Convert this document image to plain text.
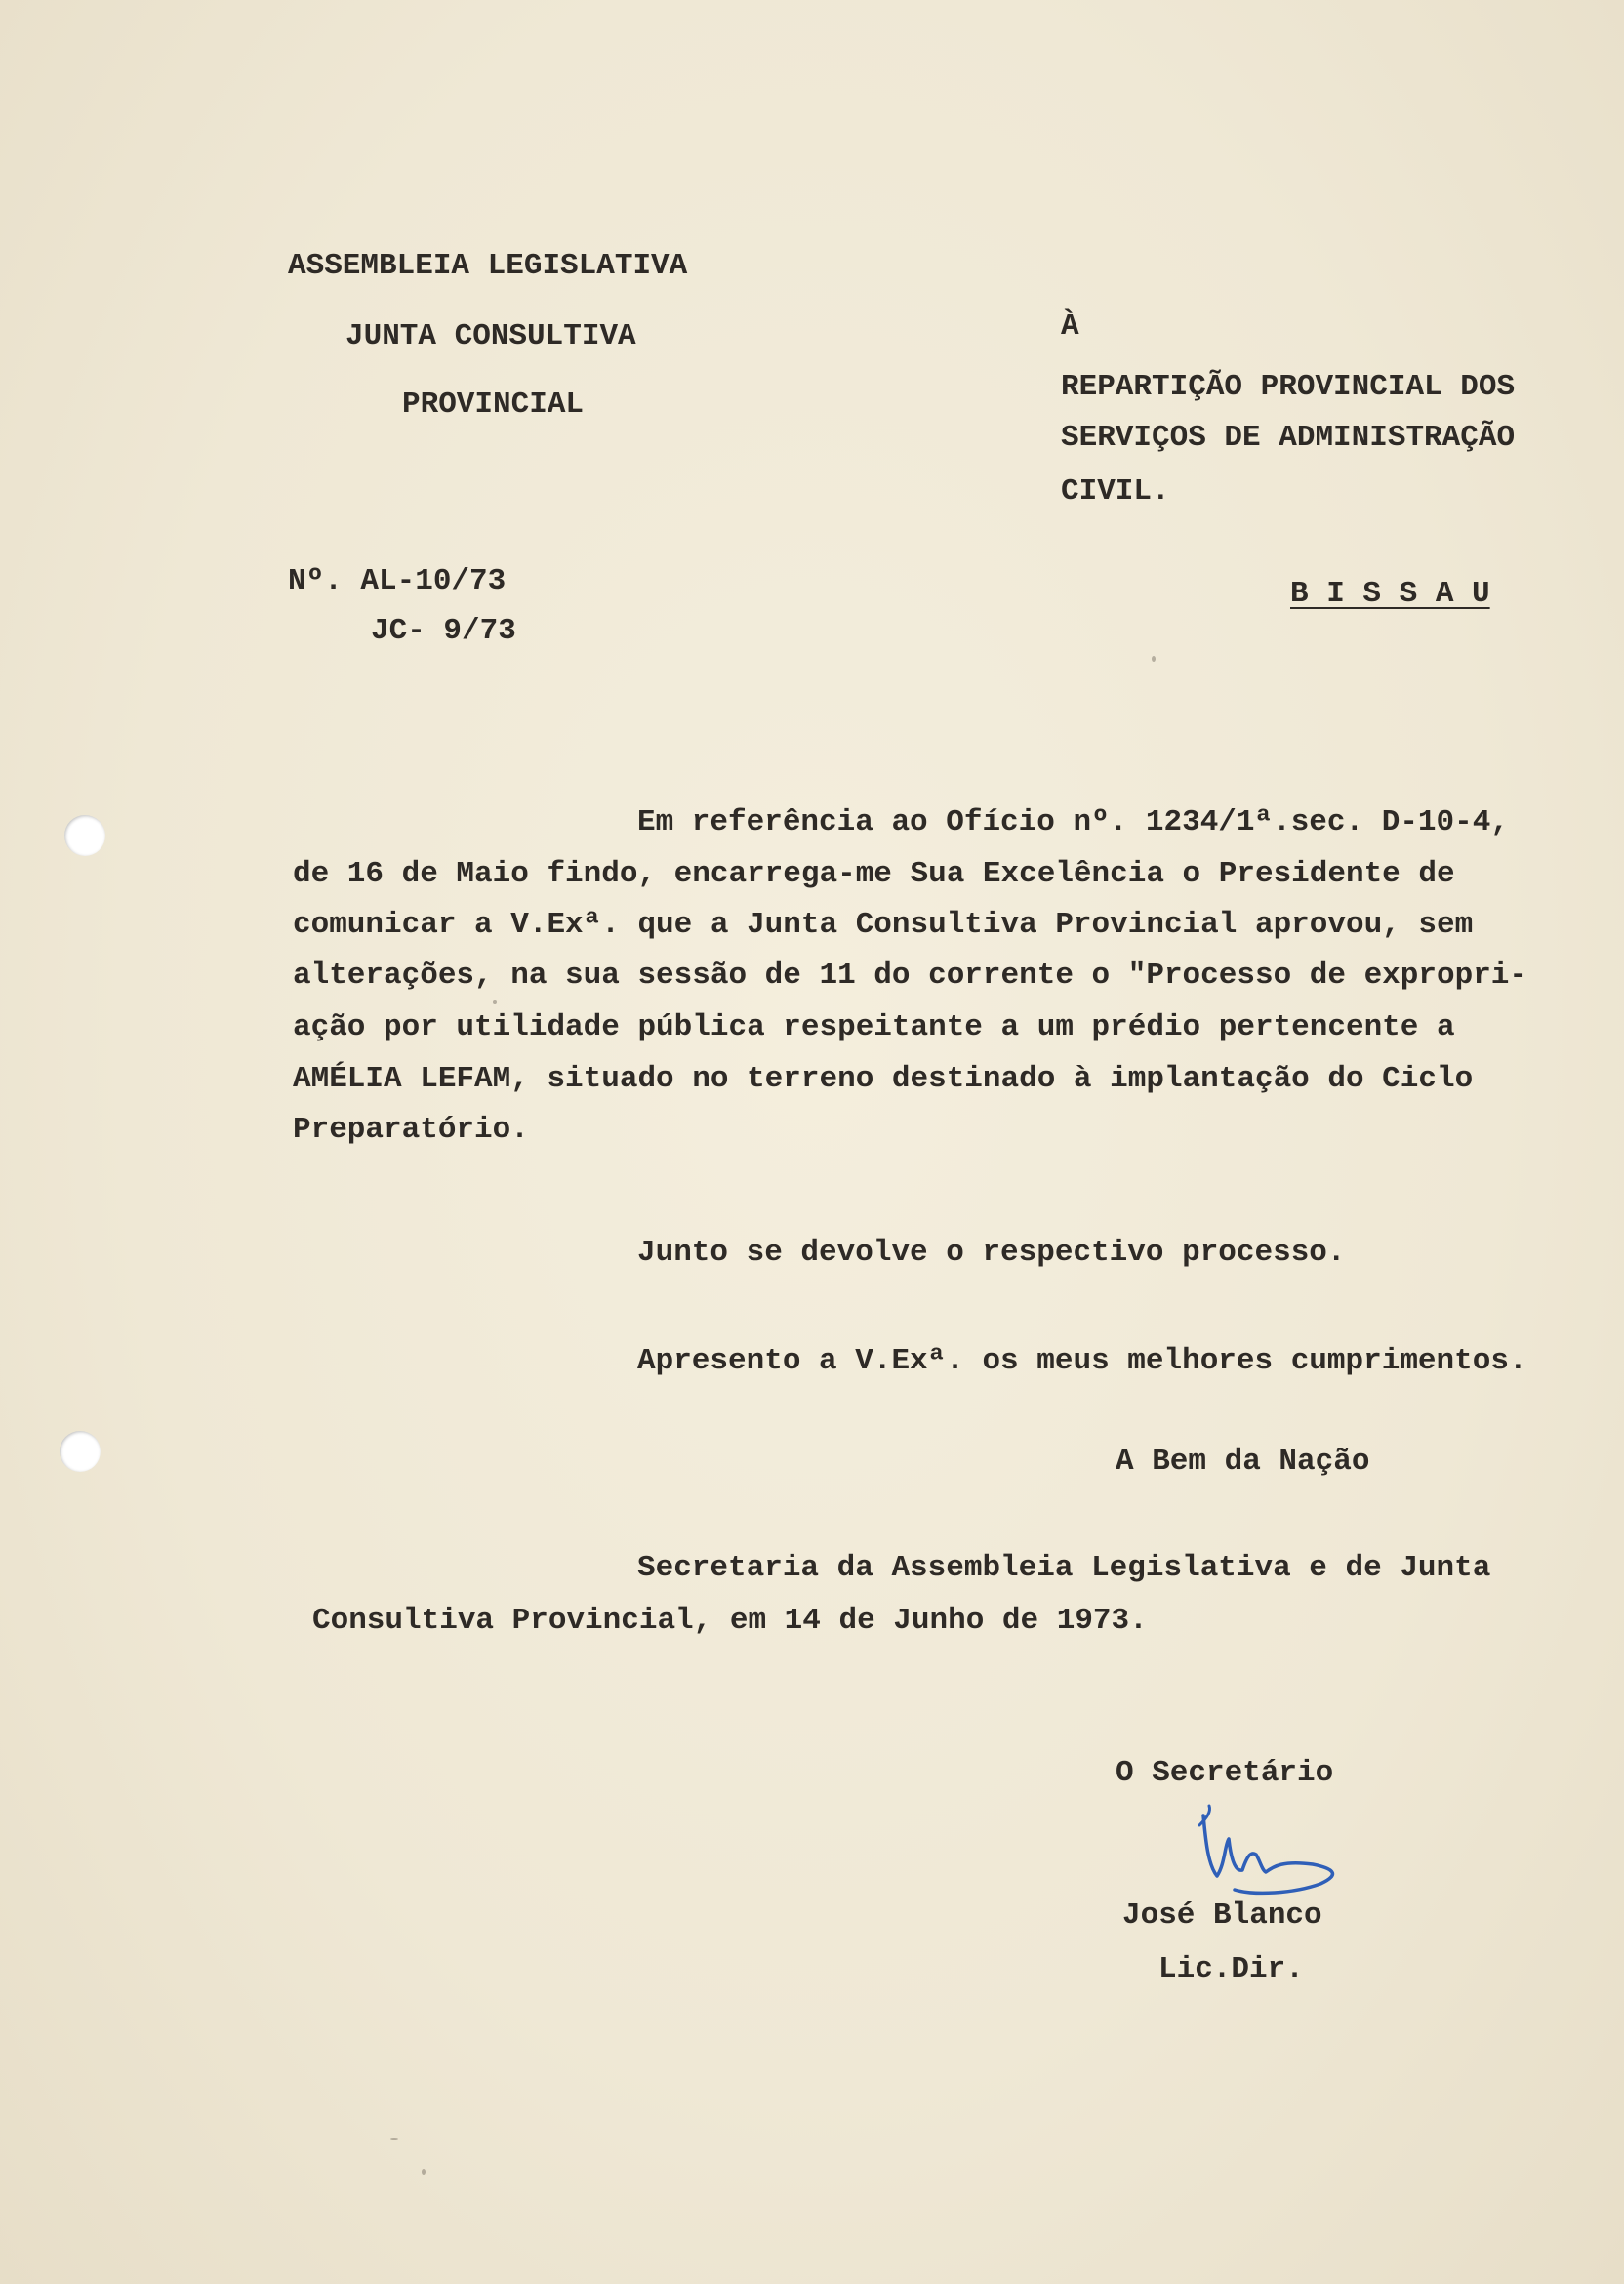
ASSEMBLEIA LEGISLATIVA
JUNTA CONSULTIVA
PROVINCIAL
À
REPARTIÇÃO PROVINCIAL DOS
SERVIÇOS DE ADMINISTRAÇÃO
CIVIL.
B I S S A U
Nº. AL-10/73
JC- 9/73
Em referência ao Ofício nº. 1234/1ª.sec. D-10-4,
de 16 de Maio findo, encarrega-me Sua Excelência o Presidente de
comunicar a V.Exª. que a Junta Consultiva Provincial aprovou, sem
alterações, na sua sessão de 11 do corrente o "Processo de expropri-
ação por utilidade pública respeitante a um prédio pertencente a
AMÉLIA LEFAM, situado no terreno destinado à implantação do Ciclo
Preparatório.
Junto se devolve o respectivo processo.
Apresento a V.Exª. os meus melhores cumprimentos.
A Bem da Nação
Secretaria da Assembleia Legislativa e de Junta
Consultiva Provincial, em 14 de Junho de 1973.
O Secretário
José Blanco
Lic.Dir.
